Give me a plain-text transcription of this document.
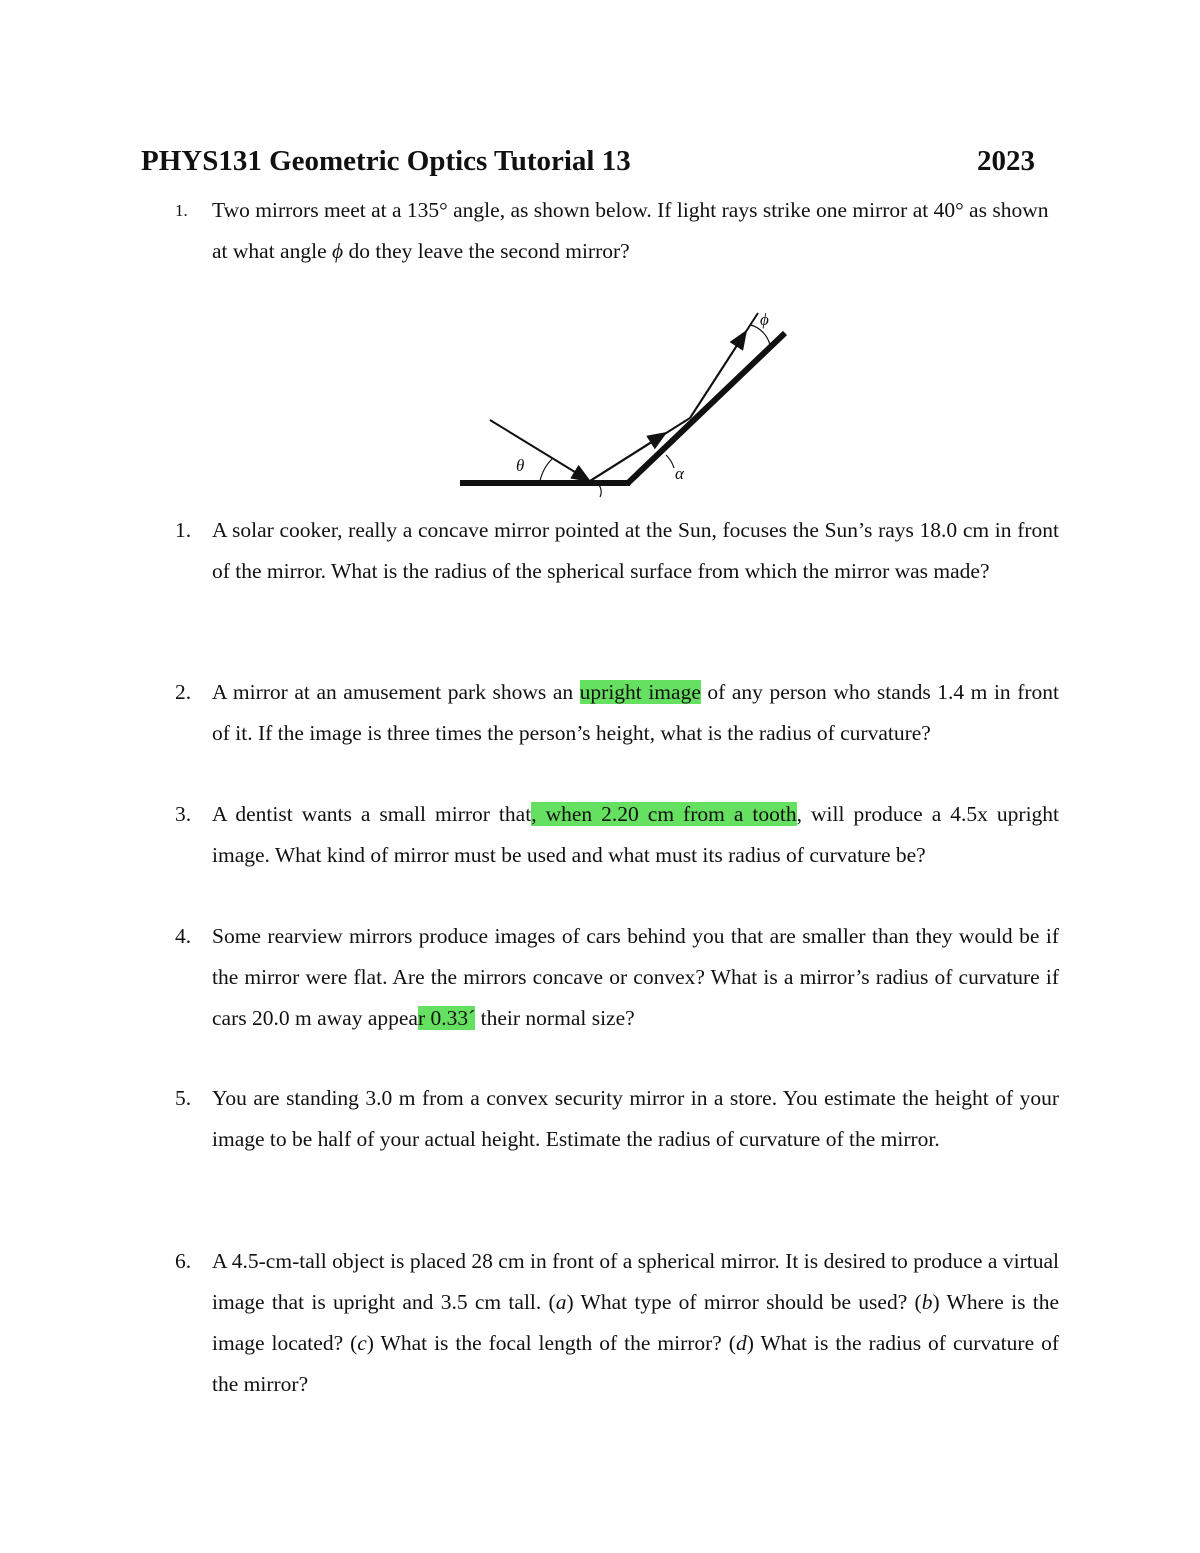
PHYS131 Geometric Optics Tutorial 13	2023
1.	Two mirrors meet at a 135° angle, as shown below. If light rays strike one mirror at 40° as shown at what angle ϕ do they leave the second mirror?
θ	α
ϕ
1. A solar cooker, really a concave mirror pointed at the Sun, focuses the Sun’s rays 18.0 cm in front of the mirror. What is the radius of the spherical surface from which the mirror was made?
2. A mirror at an amusement park shows an upright image of any person who stands 1.4 m in front of it. If the image is three times the person’s height, what is the radius of curvature?
3. A dentist wants a small mirror that, when 2.20 cm from a tooth, will produce a 4.5x upright image. What kind of mirror must be used and what must its radius of curvature be?
4. Some rearview mirrors produce images of cars behind you that are smaller than they would be if the mirror were flat. Are the mirrors concave or convex? What is a mirror’s radius of curvature if cars 20.0 m away appear 0.33´ their normal size?
5. You are standing 3.0 m from a convex security mirror in a store. You estimate the height of your image to be half of your actual height. Estimate the radius of curvature of the mirror.
6. A 4.5-cm-tall object is placed 28 cm in front of a spherical mirror. It is desired to produce a virtual image that is upright and 3.5 cm tall. (a) What type of mirror should be used? (b) Where is the image located? (c) What is the focal length of the mirror? (d) What is the radius of curvature of the mirror?
